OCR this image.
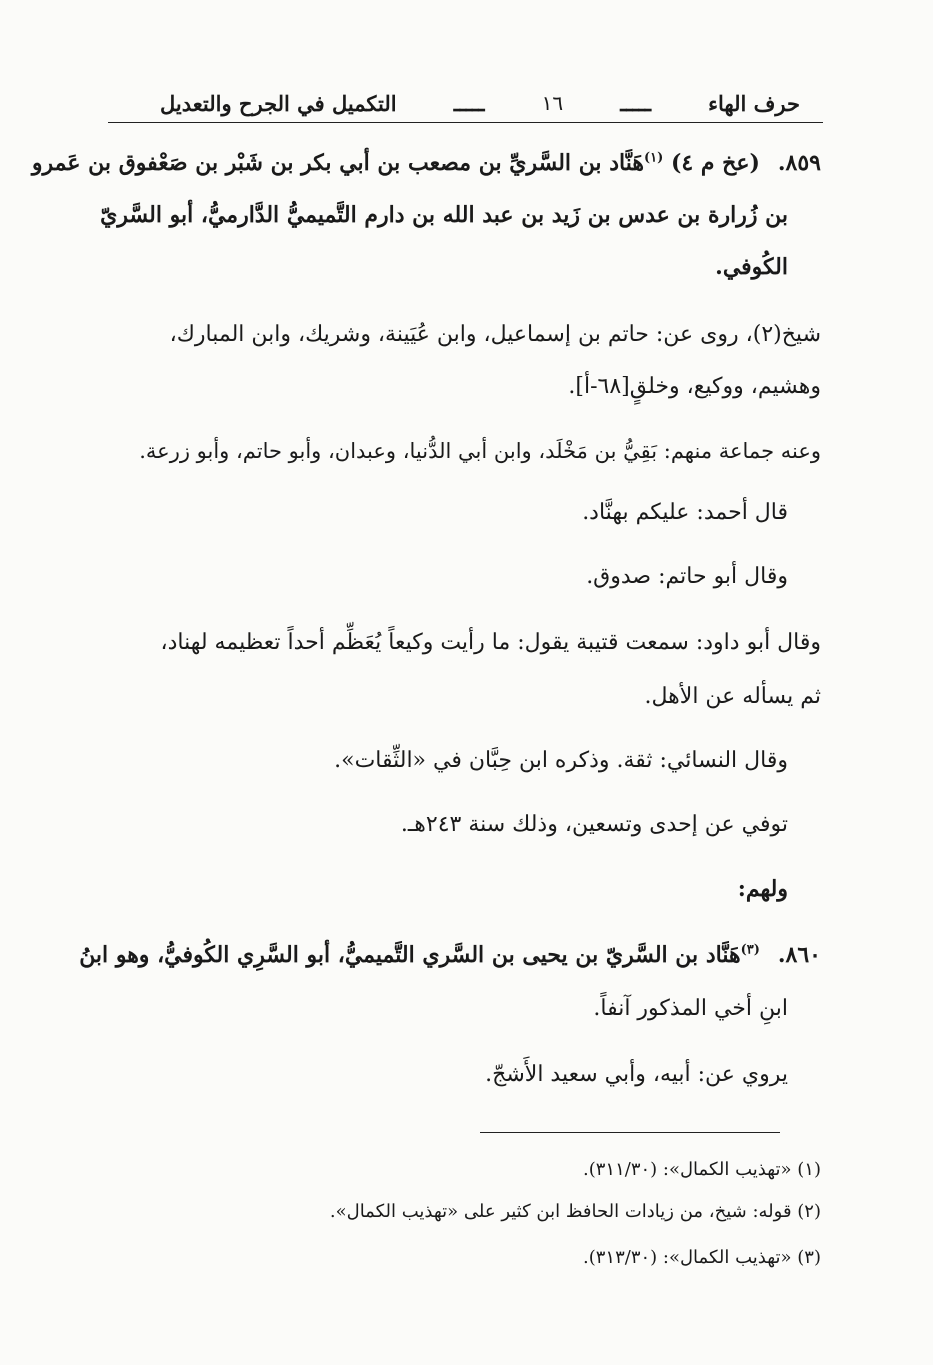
التكميل في الجرح والتعديل	ـــــ	١٦	ـــــ	حرف الهاء
٨٥٩.(عخ م ٤) $^{(١)}$هَنَّاد بن السَّريِّ بن مصعب بن أبي بكر بن شَبْر بن صَعْفوق بن عَمرو
بن زُرارة بن عدس بن زَيد بن عبد الله بن دارم التَّميميُّ الدَّارميُّ، أبو السَّريّ
الكُوفي.
شيخ(٢)، روى عن: حاتم بن إسماعيل، وابن عُيَينة، وشريك، وابن المبارك،
وهشيم، ووكيع، وخلقٍ[٦٨-أ].
وعنه جماعة منهم: بَقِيُّ بن مَخْلَد، وابن أبي الدُّنيا، وعبدان، وأبو حاتم، وأبو زرعة.
قال أحمد: عليكم بهنَّاد.
وقال أبو حاتم: صدوق.
وقال أبو داود: سمعت قتيبة يقول: ما رأيت وكيعاً يُعَظِّم أحداً تعظيمه لهناد،
ثم يسأله عن الأهل.
وقال النسائي: ثقة. وذكره ابن حِبَّان في «الثِّقات».
توفي عن إحدى وتسعين، وذلك سنة ٢٤٣هـ.
ولهم:
٨٦٠.$^{(٣)}$هَنَّاد بن السَّريّ بن يحيى بن السَّري التَّميميُّ، أبو السَّرِي الكُوفيُّ، وهو ابنُ
ابنِ أخي المذكور آنفاً.
يروي عن: أبيه، وأبي سعيد الأَشجّ.
(١) «تهذيب الكمال»: (٣١١/٣٠).
(٢) قوله: شيخ، من زيادات الحافظ ابن كثير على «تهذيب الكمال».
(٣) «تهذيب الكمال»: (٣١٣/٣٠).
